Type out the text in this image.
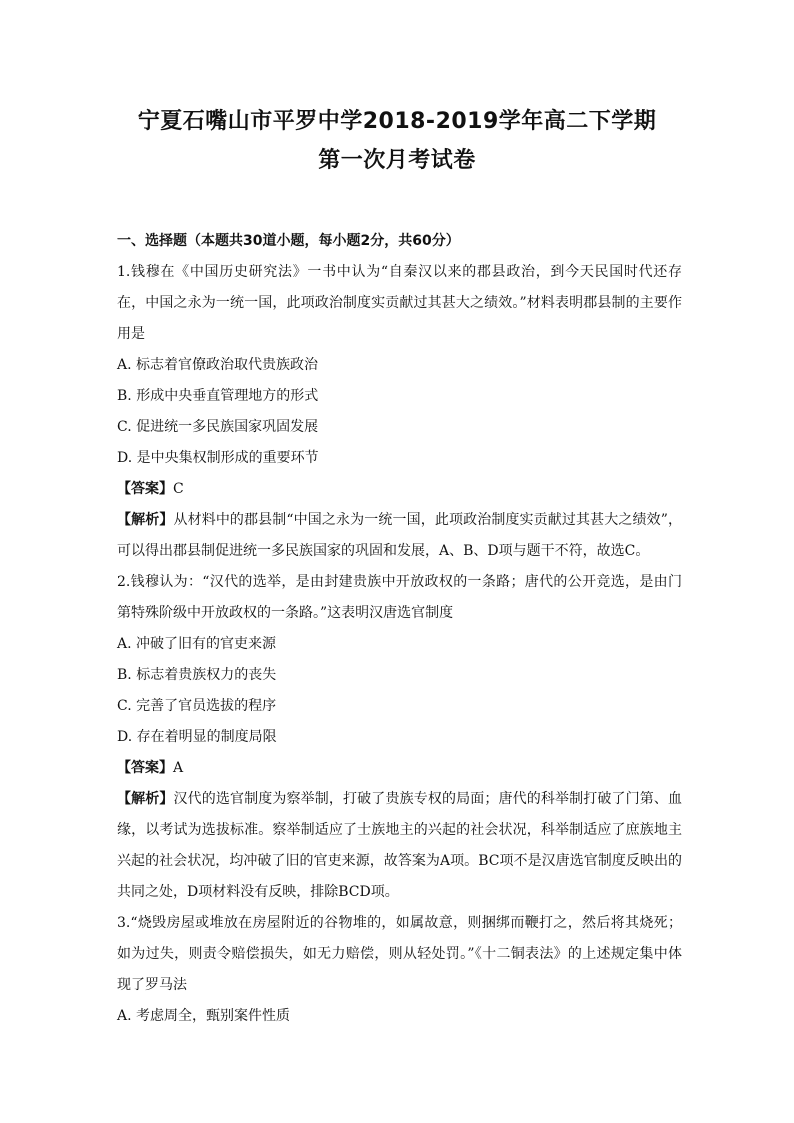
宁夏石嘴山市平罗中学2018-2019学年高二下学期
第一次月考试卷
一、选择题（本题共30道小题，每小题2分，共60分）
1.钱穆在《中国历史研究法》一书中认为“自秦汉以来的郡县政治，到今天民国时代还存在，中国之永为一统一国，此项政治制度实贡献过其甚大之绩效。”材料表明郡县制的主要作用是
A. 标志着官僚政治取代贵族政治
B. 形成中央垂直管理地方的形式
C. 促进统一多民族国家巩固发展
D. 是中央集权制形成的重要环节
【答案】C
【解析】从材料中的郡县制“中国之永为一统一国，此项政治制度实贡献过其甚大之绩效”，可以得出郡县制促进统一多民族国家的巩固和发展，A、B、D项与题干不符，故选C。
2.钱穆认为：“汉代的选举，是由封建贵族中开放政权的一条路；唐代的公开竞选，是由门第特殊阶级中开放政权的一条路。”这表明汉唐选官制度
A. 冲破了旧有的官吏来源
B. 标志着贵族权力的丧失
C. 完善了官员选拔的程序
D. 存在着明显的制度局限
【答案】A
【解析】汉代的选官制度为察举制，打破了贵族专权的局面；唐代的科举制打破了门第、血缘，以考试为选拔标准。察举制适应了士族地主的兴起的社会状况，科举制适应了庶族地主兴起的社会状况，均冲破了旧的官吏来源，故答案为A项。BC项不是汉唐选官制度反映出的共同之处，D项材料没有反映，排除BCD项。
3.“烧毁房屋或堆放在房屋附近的谷物堆的，如属故意，则捆绑而鞭打之，然后将其烧死；如为过失，则责令赔偿损失，如无力赔偿，则从轻处罚。”《十二铜表法》的上述规定集中体现了罗马法
A. 考虑周全，甄别案件性质
